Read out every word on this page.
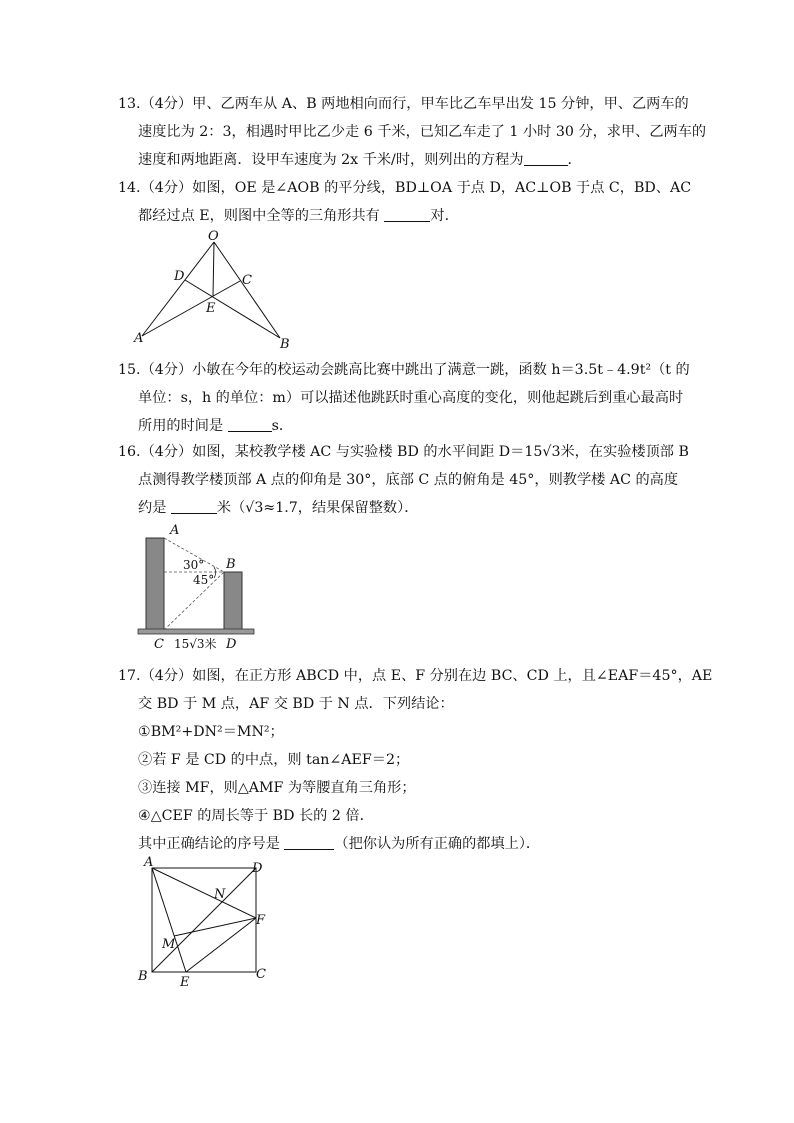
13.（4分）甲、乙两车从 A、B 两地相向而行，甲车比乙车早出发 15 分钟，甲、乙两车的
速度比为 2：3，相遇时甲比乙少走 6 千米，已知乙车走了 1 小时 30 分，求甲、乙两车的
速度和两地距离．设甲车速度为 2x 千米/时，则列出的方程为	．
14.（4分）如图，OE 是∠AOB 的平分线，BD⊥OA 于点 D，AC⊥OB 于点 C，BD、AC
都经过点 E，则图中全等的三角形共有	对．
O
D	C
E
A	B
15.（4分）小敏在今年的校运动会跳高比赛中跳出了满意一跳，函数 h＝3.5t﹣4.9t²（t 的
单位：s，h 的单位：m）可以描述他跳跃时重心高度的变化，则他起跳后到重心最高时
所用的时间是	s．
16.（4分）如图，某校教学楼 AC 与实验楼 BD 的水平间距 D＝15√3米，在实验楼顶部 B
点测得教学楼顶部 A 点的仰角是 30°，底部 C 点的俯角是 45°，则教学楼 AC 的高度
约是	米（√3≈1.7，结果保留整数）．
A
B
C	D
30°
45°
15√3米
17.（4分）如图，在正方形 ABCD 中，点 E、F 分别在边 BC、CD 上，且∠EAF＝45°，AE
交 BD 于 M 点，AF 交 BD 于 N 点．下列结论：
①BM²+DN²＝MN²；
②若 F 是 CD 的中点，则 tan∠AEF＝2；
③连接 MF，则△AMF 为等腰直角三角形；
④△CEF 的周长等于 BD 长的 2 倍．
其中正确结论的序号是	（把你认为所有正确的都填上）．
A	D
N
F
M
B E
C
